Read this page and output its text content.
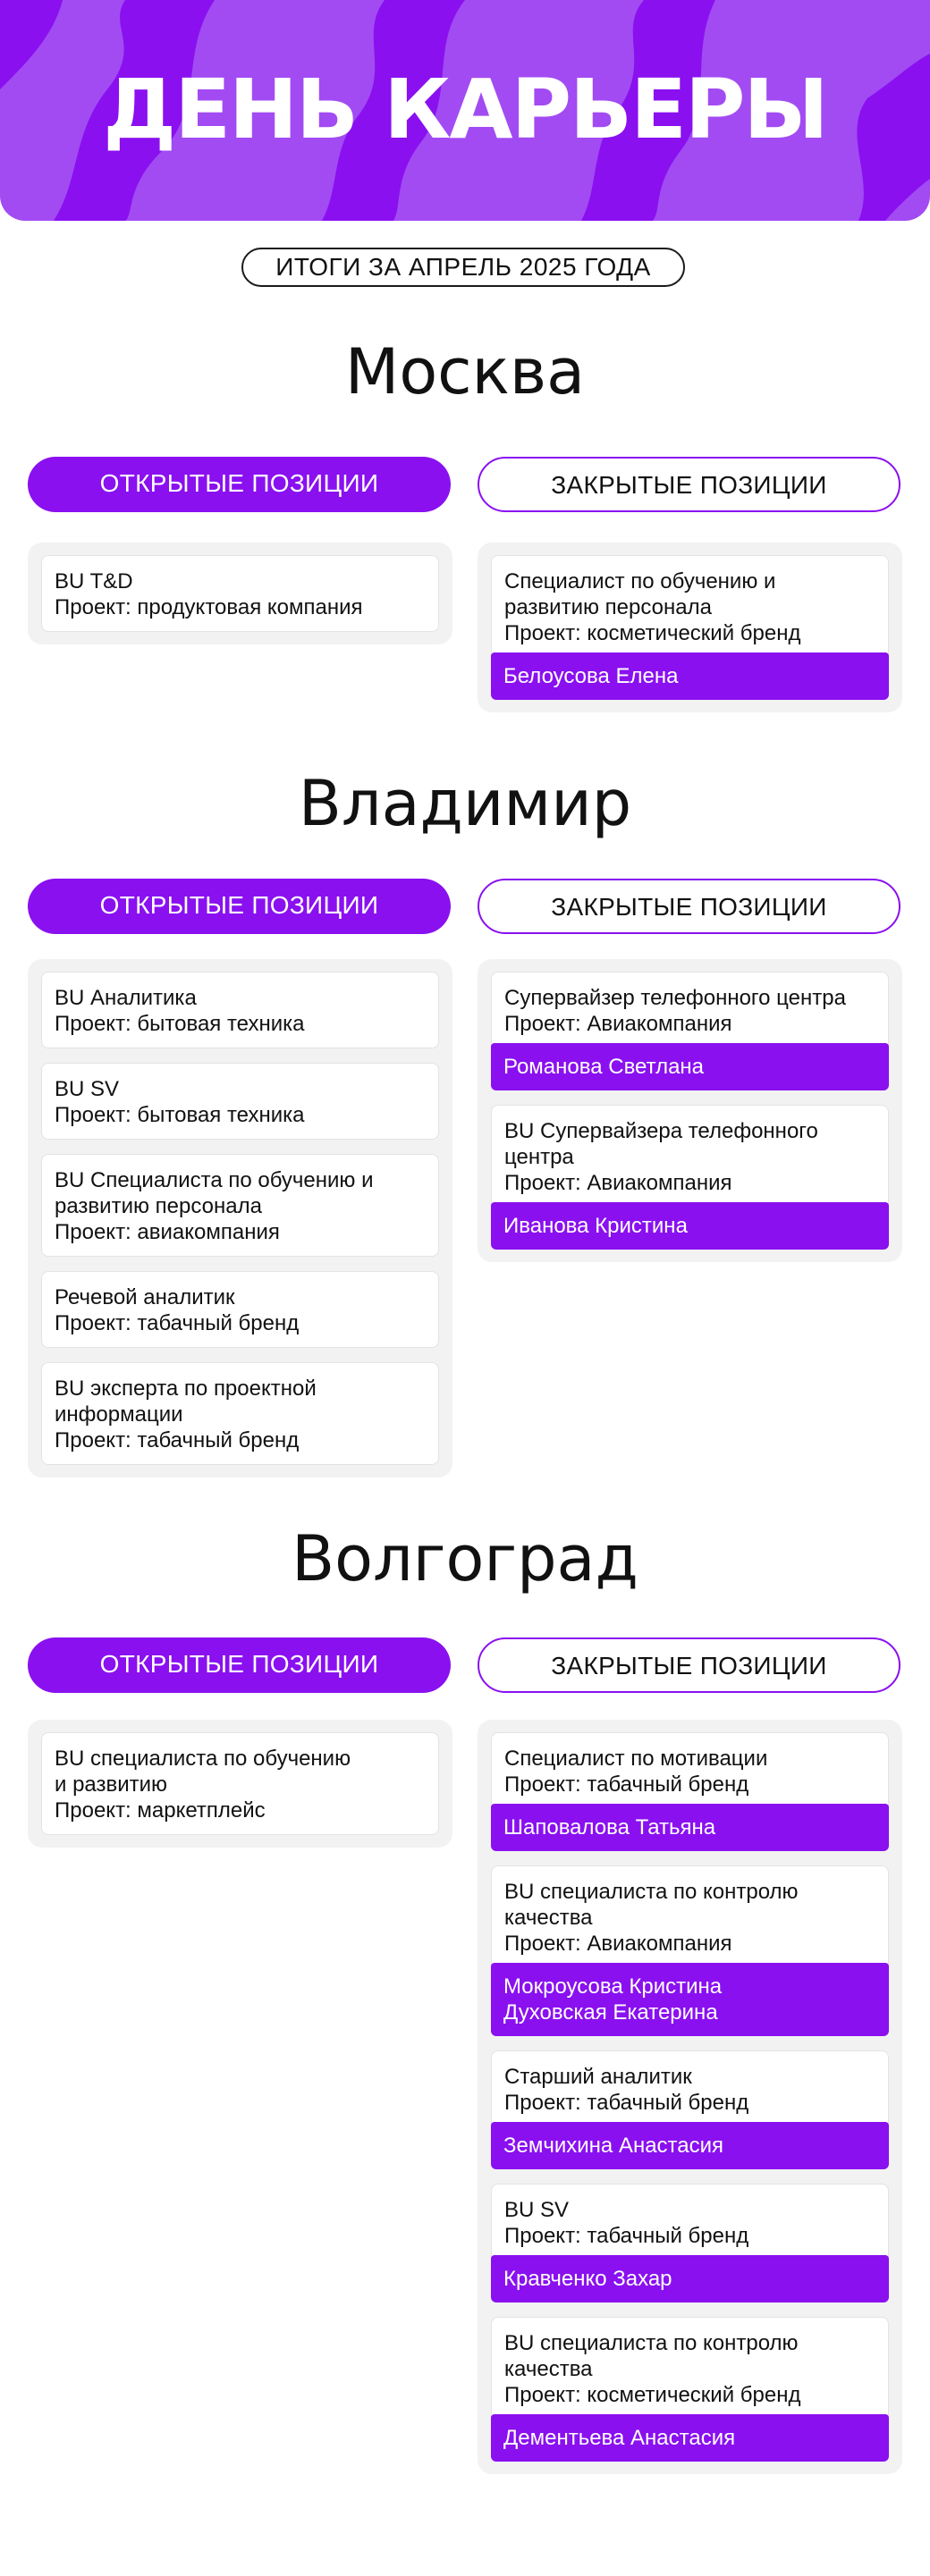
ДЕНЬ КАРЬЕРЫ
ИТОГИ ЗА АПРЕЛЬ 2025 ГОДА
Москва
ОТКРЫТЫЕ ПОЗИЦИИ	ЗАКРЫТЫЕ ПОЗИЦИИ
BU T&D
Проект: продуктовая компания
Специалист по обучению и
развитию персонала
Проект: косметический бренд
Белоусова Елена
Владимир
ОТКРЫТЫЕ ПОЗИЦИИ	ЗАКРЫТЫЕ ПОЗИЦИИ
BU Аналитика
Проект: бытовая техника
BU SV
Проект: бытовая техника
BU Специалиста по обучению и
развитию персонала
Проект: авиакомпания
Речевой аналитик
Проект: табачный бренд
BU эксперта по проектной
информации
Проект: табачный бренд
Супервайзер телефонного центра
Проект: Авиакомпания
Романова Светлана
BU Супервайзера телефонного
центра
Проект: Авиакомпания
Иванова Кристина
Волгоград
ОТКРЫТЫЕ ПОЗИЦИИ	ЗАКРЫТЫЕ ПОЗИЦИИ
BU специалиста по обучению
и развитию
Проект: маркетплейс
Специалист по мотивации
Проект: табачный бренд
Шаповалова Татьяна
BU специалиста по контролю
качества
Проект: Авиакомпания
Мокроусова Кристина
Духовская Екатерина
Старший аналитик
Проект: табачный бренд
Земчихина Анастасия
BU SV
Проект: табачный бренд
Кравченко Захар
BU специалиста по контролю
качества
Проект: косметический бренд
Дементьева Анастасия
